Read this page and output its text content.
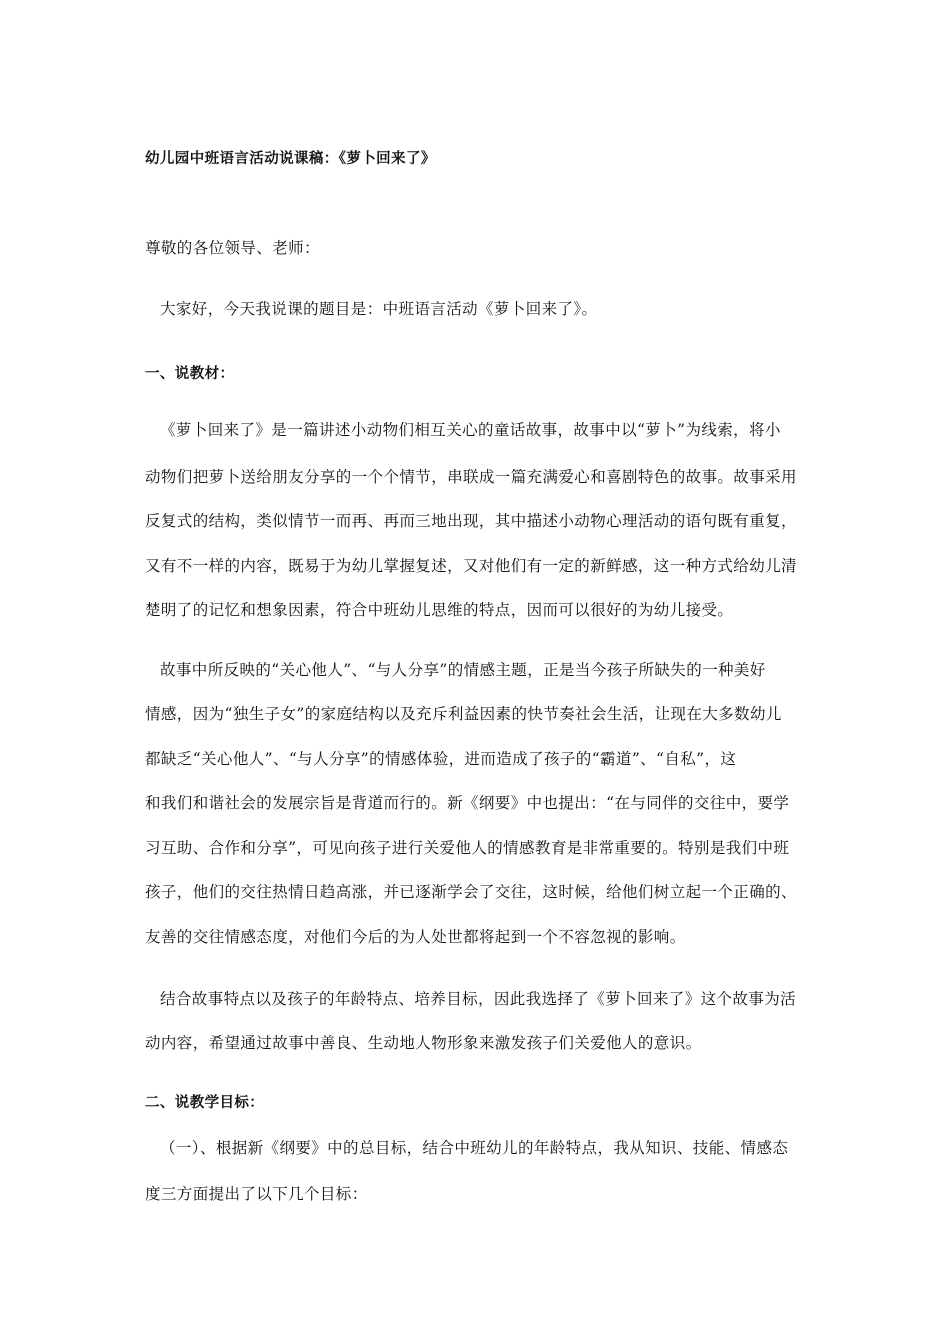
幼儿园中班语言活动说课稿：《萝卜回来了》
尊敬的各位领导、老师：
大家好，今天我说课的题目是：中班语言活动《萝卜回来了》。
一、说教材：
《萝卜回来了》是一篇讲述小动物们相互关心的童话故事，故事中以“萝卜”为线索，将小
动物们把萝卜送给朋友分享的一个个情节，串联成一篇充满爱心和喜剧特色的故事。故事采用
反复式的结构，类似情节一而再、再而三地出现，其中描述小动物心理活动的语句既有重复，
又有不一样的内容，既易于为幼儿掌握复述，又对他们有一定的新鲜感，这一种方式给幼儿清
楚明了的记忆和想象因素，符合中班幼儿思维的特点，因而可以很好的为幼儿接受。
故事中所反映的“关心他人”、“与人分享”的情感主题，正是当今孩子所缺失的一种美好
情感，因为“独生子女”的家庭结构以及充斥利益因素的快节奏社会生活，让现在大多数幼儿
都缺乏“关心他人”、“与人分享”的情感体验，进而造成了孩子的“霸道”、“自私”，这
和我们和谐社会的发展宗旨是背道而行的。新《纲要》中也提出：“在与同伴的交往中，要学
习互助、合作和分享”，可见向孩子进行关爱他人的情感教育是非常重要的。特别是我们中班
孩子，他们的交往热情日趋高涨，并已逐渐学会了交往，这时候，给他们树立起一个正确的、
友善的交往情感态度，对他们今后的为人处世都将起到一个不容忽视的影响。
结合故事特点以及孩子的年龄特点、培养目标，因此我选择了《萝卜回来了》这个故事为活
动内容，希望通过故事中善良、生动地人物形象来激发孩子们关爱他人的意识。
二、说教学目标：
（一）、根据新《纲要》中的总目标，结合中班幼儿的年龄特点，我从知识、技能、情感态
度三方面提出了以下几个目标：
